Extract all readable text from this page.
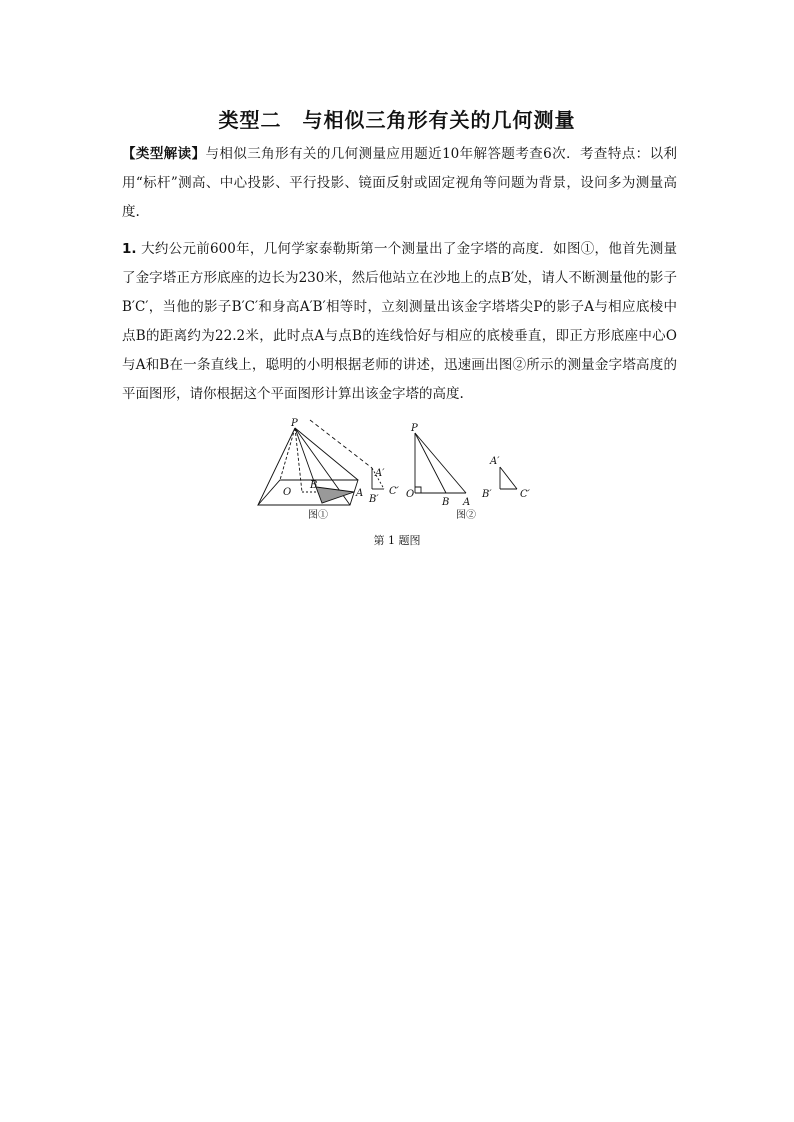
类型二　与相似三角形有关的几何测量
【类型解读】与相似三角形有关的几何测量应用题近10年解答题考查6次．考查特点：以利用“标杆”测高、中心投影、平行投影、镜面反射或固定视角等问题为背景，设问多为测量高度.
1. 大约公元前600年，几何学家泰勒斯第一个测量出了金字塔的高度．如图①，他首先测量了金字塔正方形底座的边长为230米，然后他站立在沙地上的点B′处，请人不断测量他的影子B′C′，当他的影子B′C′和身高A′B′相等时，立刻测量出该金字塔塔尖P的影子A与相应底棱中点B的距离约为22.2米，此时点A与点B的连线恰好与相应的底棱垂直，即正方形底座中心O与A和B在一条直线上，聪明的小明根据老师的讲述，迅速画出图②所示的测量金字塔高度的平面图形，请你根据这个平面图形计算出该金字塔的高度.
P
O
B
A
A′
B′
C′
图①
P
O
B A
A′
B′	C′
图②
第 1 题图
